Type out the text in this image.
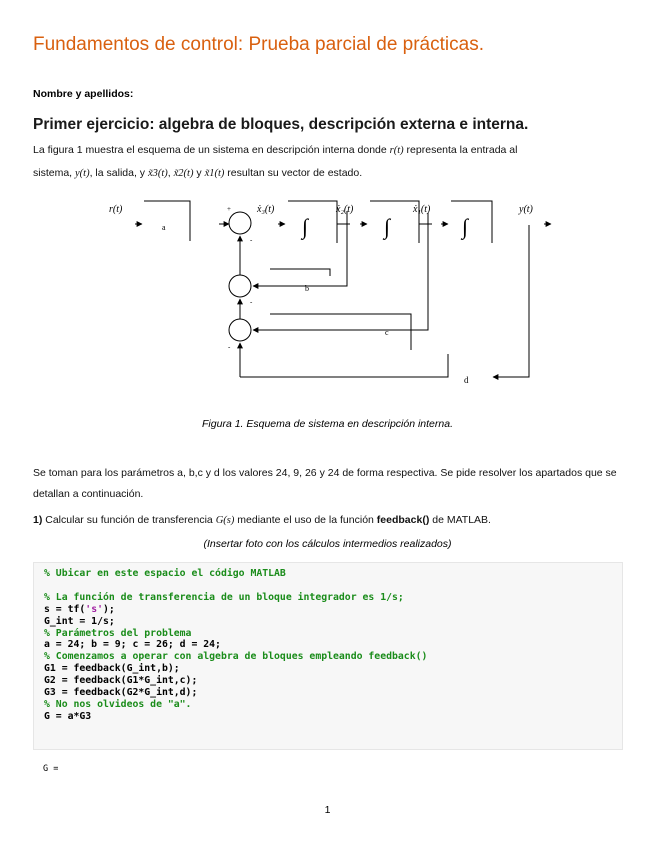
Fundamentos de control: Prueba parcial de prácticas.
Nombre y apellidos:
Primer ejercicio: algebra de bloques, descripción externa e interna.
La figura 1 muestra el esquema de un sistema en descripción interna donde r(t) representa la entrada al
sistema, y(t), la salida, y x̃3(t), x̃2(t) y x̃1(t) resultan su vector de estado.
r(t)
a
b
c
d
ẋ₃(t)	ẋ₂(t)	ẋ₁(t)	y(t)
∫	∫	∫
+
-
-
-
Figura 1. Esquema de sistema en descripción interna.
Se toman para los parámetros a, b,c y d los valores 24, 9, 26 y 24 de forma respectiva. Se pide resolver los apartados que se detallan a continuación.
1) Calcular su función de transferencia G(s) mediante el uso de la función feedback() de MATLAB.
(Insertar foto con los cálculos intermedios realizados)
% Ubicar en este espacio el código MATLAB
% La función de transferencia de un bloque integrador es 1/s;
s = tf('s');
G_int = 1/s;
% Parámetros del problema
a = 24; b = 9; c = 26; d = 24;
% Comenzamos a operar con algebra de bloques empleando feedback()
G1 = feedback(G_int,b);
G2 = feedback(G1*G_int,c);
G3 = feedback(G2*G_int,d);
% No nos olvideos de "a".
G = a*G3
G =
1
